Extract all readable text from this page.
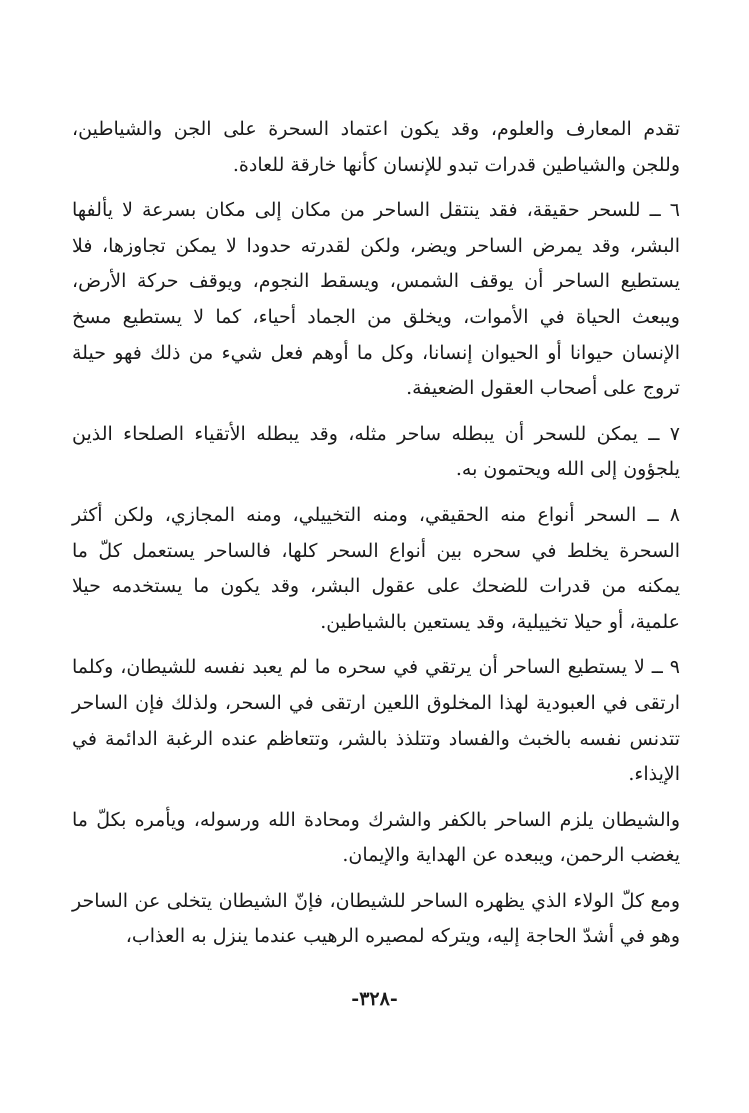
تقدم المعارف والعلوم، وقد يكون اعتماد السحرة على الجن والشياطين، وللجن والشياطين قدرات تبدو للإنسان كأنها خارقة للعادة.

٦ ــ للسحر حقيقة، فقد ينتقل الساحر من مكان إلى مكان بسرعة لا يألفها البشر، وقد يمرض الساحر ويضر، ولكن لقدرته حدودا لا يمكن تجاوزها، فلا يستطيع الساحر أن يوقف الشمس، ويسقط النجوم، ويوقف حركة الأرض، ويبعث الحياة في الأموات، ويخلق من الجماد أحياء، كما لا يستطيع مسخ الإنسان حيوانا أو الحيوان إنسانا، وكل ما أوهم فعل شيء من ذلك فهو حيلة تروج على أصحاب العقول الضعيفة.

٧ ــ يمكن للسحر أن يبطله ساحر مثله، وقد يبطله الأتقياء الصلحاء الذين يلجؤون إلى الله ويحتمون به.

٨ ــ السحر أنواع منه الحقيقي، ومنه التخييلي، ومنه المجازي، ولكن أكثر السحرة يخلط في سحره بين أنواع السحر كلها، فالساحر يستعمل كلّ ما يمكنه من قدرات للضحك على عقول البشر، وقد يكون ما يستخدمه حيلا علمية، أو حيلا تخييلية، وقد يستعين بالشياطين.

٩ ــ لا يستطيع الساحر أن يرتقي في سحره ما لم يعبد نفسه للشيطان، وكلما ارتقى في العبودية لهذا المخلوق اللعين ارتقى في السحر، ولذلك فإن الساحر تتدنس نفسه بالخبث والفساد وتتلذذ بالشر، وتتعاظم عنده الرغبة الدائمة في الإيذاء.

والشيطان يلزم الساحر بالكفر والشرك ومحادة الله ورسوله، ويأمره بكلّ ما يغضب الرحمن، ويبعده عن الهداية والإيمان.

ومع كلّ الولاء الذي يظهره الساحر للشيطان، فإنّ الشيطان يتخلى عن الساحر وهو في أشدّ الحاجة إليه، ويتركه لمصيره الرهيب عندما ينزل به العذاب،

-٣٢٨-
